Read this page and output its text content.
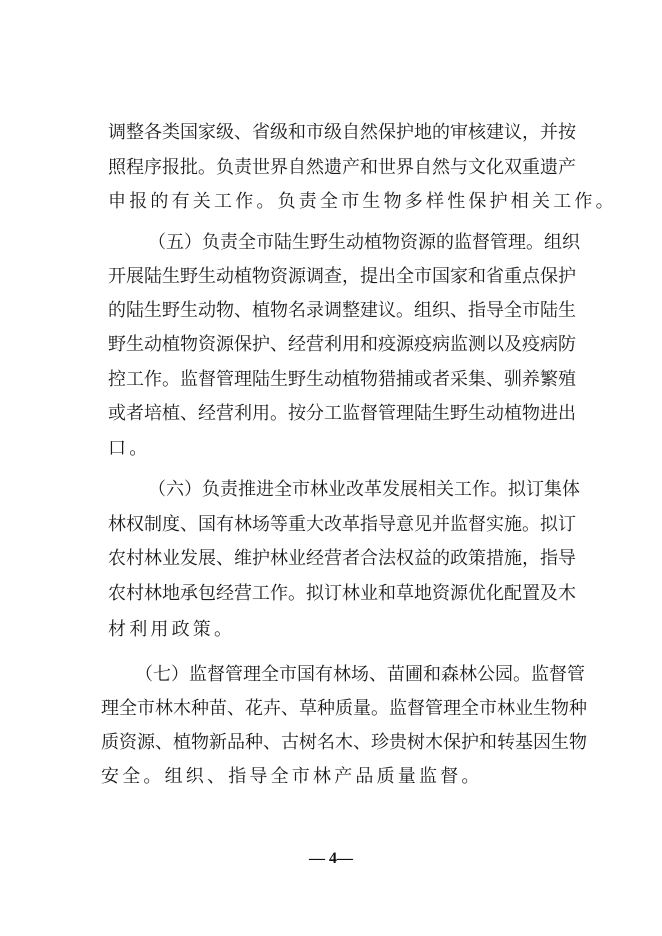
调 整 各 类 国 家 级 、 省 级 和 市 级 自 然 保 护 地 的 审 核 建 议 ， 并 按
照 程 序 报 批 。 负 责 世 界 自 然 遗 产 和 世 界 自 然 与 文 化 双 重 遗 产
申报的有关工作。负责全市生物多样性保护相关工作。
（ 五 ） 负 责 全 市 陆 生 野 生 动 植 物 资 源 的 监 督 管 理 。 组 织
开 展 陆 生 野 生 动 植 物 资 源 调 查 ， 提 出 全 市 国 家 和 省 重 点 保 护
的 陆 生 野 生 动 物 、 植 物 名 录 调 整 建 议 。 组 织 、 指 导 全 市 陆 生
野 生 动 植 物 资 源 保 护 、 经 营 利 用 和 疫 源 疫 病 监 测 以 及 疫 病 防
控 工 作 。 监 督 管 理 陆 生 野 生 动 植 物 猎 捕 或 者 采 集 、 驯 养 繁 殖
或 者 培 植 、 经 营 利 用 。 按 分 工 监 督 管 理 陆 生 野 生 动 植 物 进 出
口。
（ 六 ） 负 责 推 进 全 市 林 业 改 革 发 展 相 关 工 作 。 拟 订 集 体
林 权 制 度 、 国 有 林 场 等 重 大 改 革 指 导 意 见 并 监 督 实 施 。 拟 订
农 村 林 业 发 展 、 维 护 林 业 经 营 者 合 法 权 益 的 政 策 措 施 ， 指 导
农 村 林 地 承 包 经 营 工 作 。 拟 订 林 业 和 草 地 资 源 优 化 配 置 及 木
材利用政策。
（ 七 ） 监 督 管 理 全 市 国 有 林 场 、 苗 圃 和 森 林 公 园 。 监 督 管
理 全 市 林 木 种 苗 、 花 卉 、 草 种 质 量 。 监 督 管 理 全 市 林 业 生 物 种
质 资 源 、 植 物 新 品 种 、 古 树 名 木 、 珍 贵 树 木 保 护 和 转 基 因 生 物
安全。组织、指导全市林产品质量监督。
— 4—
